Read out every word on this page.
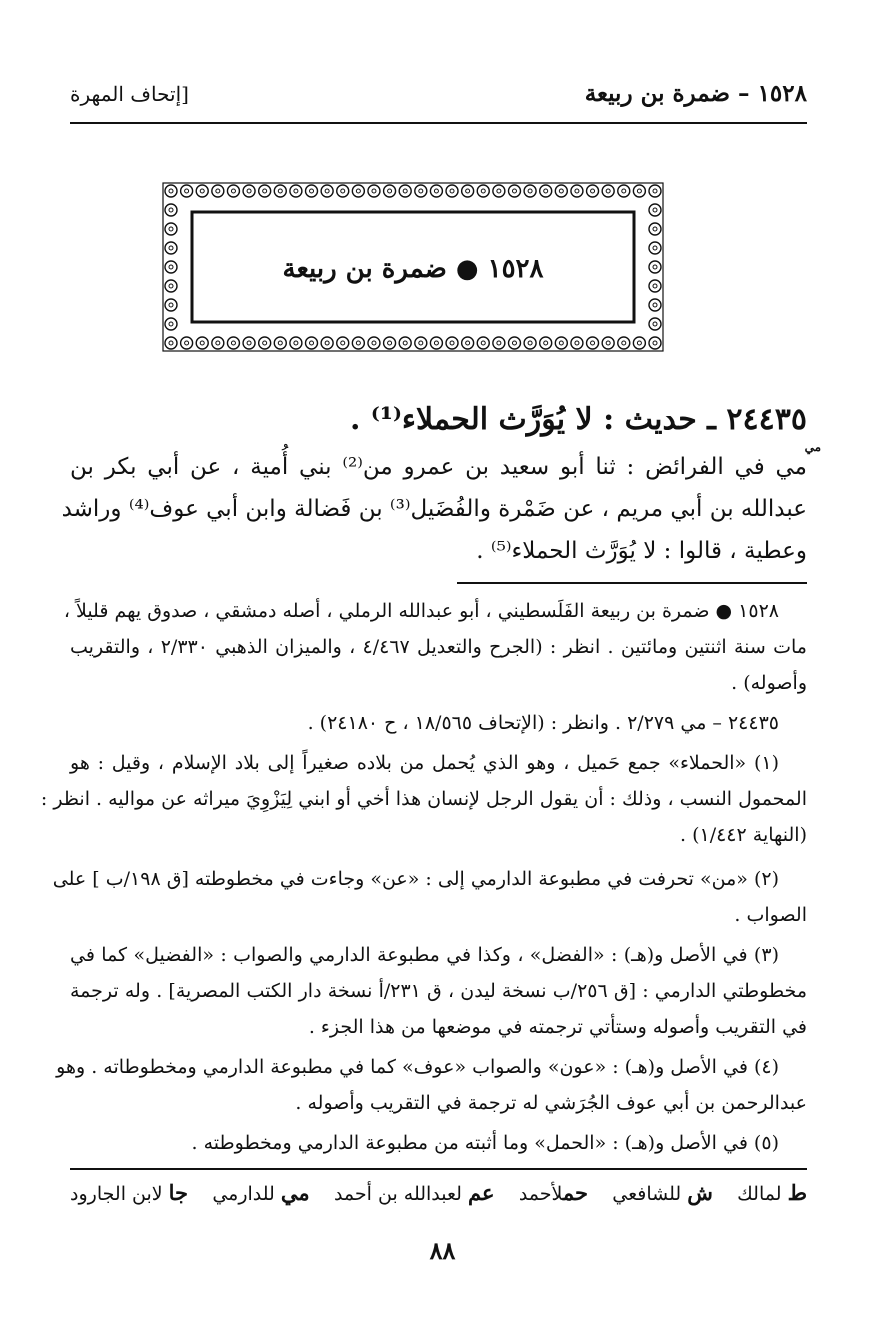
١٥٢٨ – ضمرة بن ربيعة
[إتحاف المهرة
١٥٢٨ ● ضمرة بن ربيعة
٢٤٤٣٥ ـ حديث : لا يُوَرَّث الحملاء⁽¹⁾ .
مي
مي في الفرائض : ثنا أبو سعيد بن عمرو من⁽²⁾ بني أُمية ، عن أبي بكر بن
عبدالله بن أبي مريم ، عن ضَمْرة والفُضَيل⁽³⁾ بن فَضالة وابن أبي عوف⁽⁴⁾ وراشد
وعطية ، قالوا : لا يُوَرَّث الحملاء⁽⁵⁾ .
١٥٢٨ ● ضمرة بن ربيعة الفَلَسطيني ، أبو عبدالله الرملي ، أصله دمشقي ، صدوق يهم قليلاً ،
مات سنة اثنتين ومائتين . انظر : (الجرح والتعديل ٤/٤٦٧ ، والميزان الذهبي ٢/٣٣٠ ، والتقريب
وأصوله) .
٢٤٤٣٥ – مي ٢/٢٧٩ . وانظر : (الإتحاف ١٨/٥٦٥ ، ح ٢٤١٨٠) .
(١) «الحملاء» جمع حَميل ، وهو الذي يُحمل من بلاده صغيراً إلى بلاد الإسلام ، وقيل : هو
المحمول النسب ، وذلك : أن يقول الرجل لإنسان هذا أخي أو ابني لِيَزْوِيَ ميراثه عن مواليه . انظر :
(النهاية ١/٤٤٢) .
(٢) «من» تحرفت في مطبوعة الدارمي إلى : «عن» وجاءت في مخطوطته [ق ١٩٨/ب ] على
الصواب .
(٣) في الأصل و(هـ) : «الفضل» ، وكذا في مطبوعة الدارمي والصواب : «الفضيل» كما في
مخطوطتي الدارمي : [ق ٢٥٦/ب نسخة ليدن ، ق ٢٣١/أ نسخة دار الكتب المصرية] . وله ترجمة
في التقريب وأصوله وستأتي ترجمته في موضعها من هذا الجزء .
(٤) في الأصل و(هـ) : «عون» والصواب «عوف» كما في مطبوعة الدارمي ومخطوطاته . وهو
عبدالرحمن بن أبي عوف الجُرَشي له ترجمة في التقريب وأصوله .
(٥) في الأصل و(هـ) : «الحمل» وما أثبته من مطبوعة الدارمي ومخطوطته .
ط لمالك
ش للشافعي
حملأحمد
عم لعبدالله بن أحمد
مي للدارمي
جا لابن الجارود
٨٨
